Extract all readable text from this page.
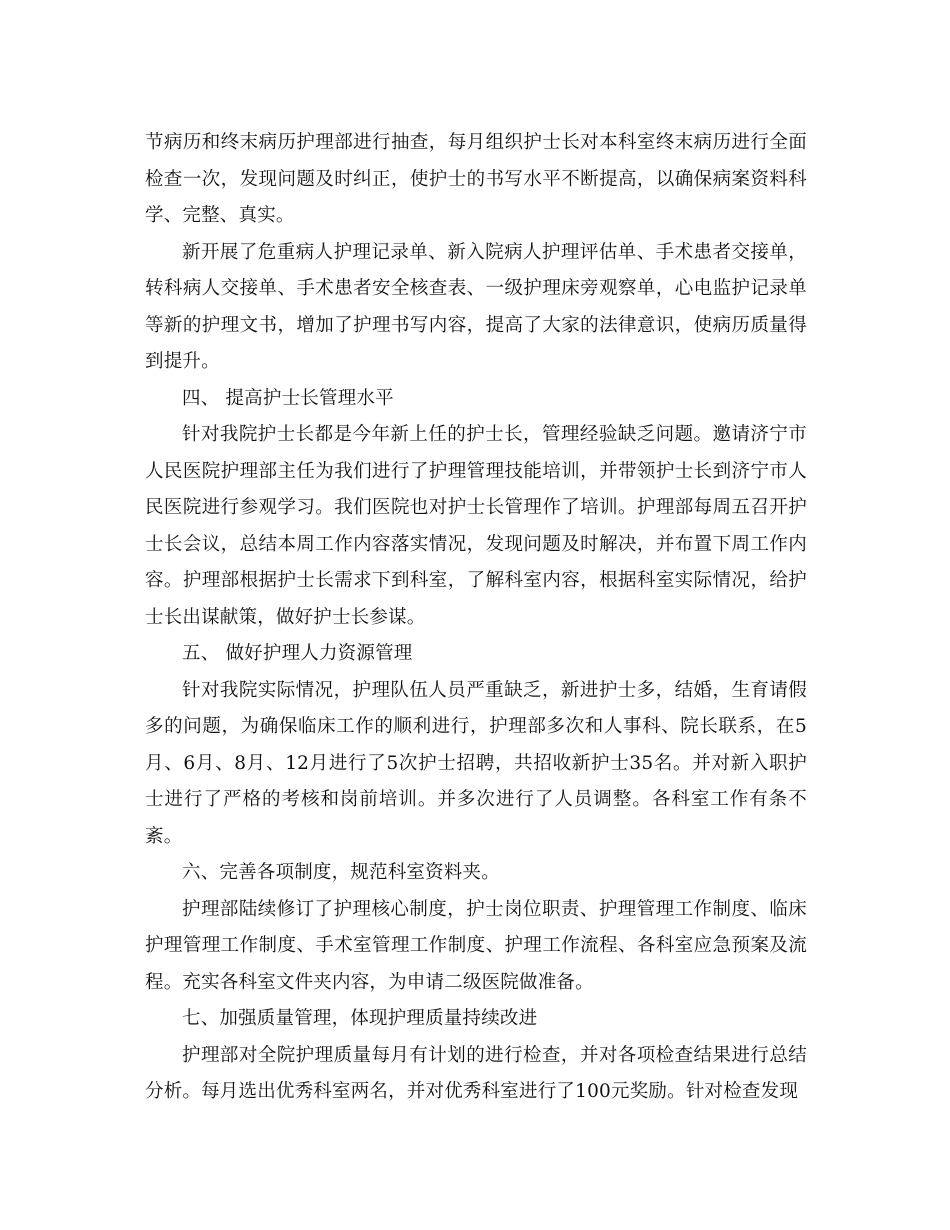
节病历和终末病历护理部进行抽查，每月组织护士长对本科室终末病历进行全面检查一次，发现问题及时纠正，使护士的书写水平不断提高，以确保病案资料科学、完整、真实。

新开展了危重病人护理记录单、新入院病人护理评估单、手术患者交接单，转科病人交接单、手术患者安全核查表、一级护理床旁观察单，心电监护记录单等新的护理文书，增加了护理书写内容，提高了大家的法律意识，使病历质量得到提升。

四、 提高护士长管理水平

针对我院护士长都是今年新上任的护士长，管理经验缺乏问题。邀请济宁市人民医院护理部主任为我们进行了护理管理技能培训，并带领护士长到济宁市人民医院进行参观学习。我们医院也对护士长管理作了培训。护理部每周五召开护士长会议，总结本周工作内容落实情况，发现问题及时解决，并布置下周工作内容。护理部根据护士长需求下到科室，了解科室内容，根据科室实际情况，给护士长出谋献策，做好护士长参谋。

五、 做好护理人力资源管理

针对我院实际情况，护理队伍人员严重缺乏，新进护士多，结婚，生育请假多的问题，为确保临床工作的顺利进行，护理部多次和人事科、院长联系，在5月、6月、8月、12月进行了5次护士招聘，共招收新护士35名。并对新入职护士进行了严格的考核和岗前培训。并多次进行了人员调整。各科室工作有条不紊。

六、完善各项制度，规范科室资料夹。

护理部陆续修订了护理核心制度，护士岗位职责、护理管理工作制度、临床护理管理工作制度、手术室管理工作制度、护理工作流程、各科室应急预案及流程。充实各科室文件夹内容，为申请二级医院做准备。

七、加强质量管理，体现护理质量持续改进

护理部对全院护理质量每月有计划的进行检查，并对各项检查结果进行总结分析。每月选出优秀科室两名，并对优秀科室进行了100元奖励。针对检查发现
